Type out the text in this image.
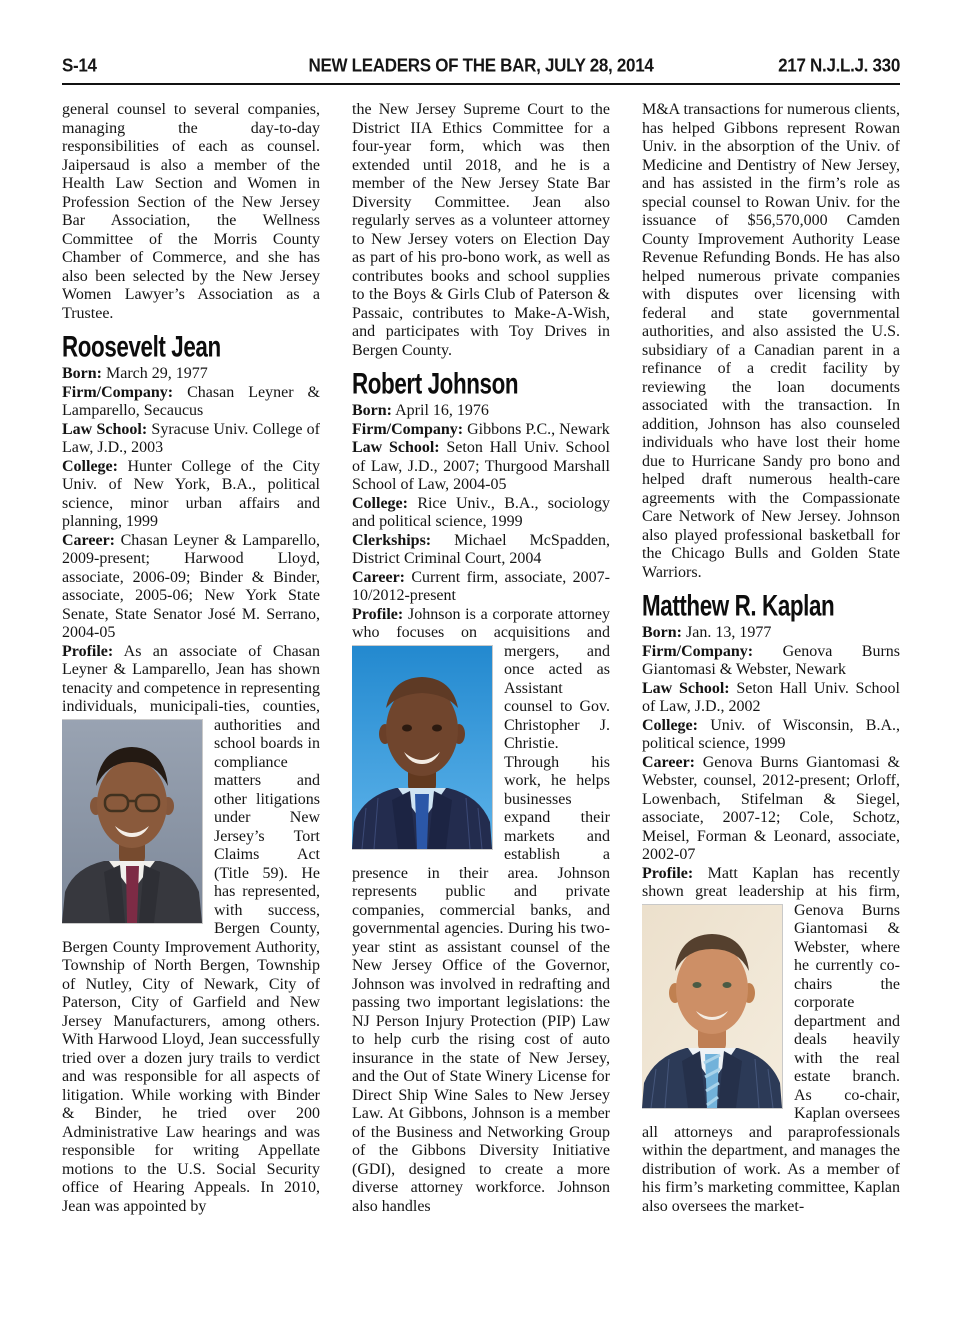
S-14	NEW LEADERS OF THE BAR, JULY 28, 2014	217 N.J.L.J. 330

general counsel to several companies, managing the day-to-day responsibilities of each as counsel. Jaipersaud is also a member of the Health Law Section and Women in Profession Section of the New Jersey Bar Association, the Wellness Committee of the Morris County Chamber of Commerce, and she has also been selected by the New Jersey Women Lawyer’s Association as a Trustee.

Roosevelt Jean

Born: March 29, 1977

Firm/Company: Chasan Leyner & Lamparello, Secaucus

Law School: Syracuse Univ. College of Law, J.D., 2003

College: Hunter College of the City Univ. of New York, B.A., political science, minor urban affairs and planning, 1999

Career: Chasan Leyner & Lamparello, 2009-present; Harwood Lloyd, associate, 2006-09; Binder & Binder, associate, 2005-06; New York State Senate, State Senator José M. Serrano, 2004-05

Profile: As an associate of Chasan Leyner & Lamparello, Jean has shown tenacity and competence in representing individuals, municipali-
ties, counties, authorities and school boards in compliance matters and other litigations under New Jersey’s Tort Claims Act (Title 59). He has represented, with success, Bergen County, Bergen County Improvement Authority, Township of North Bergen, Township of Nutley, City of Newark, City of Paterson, City of Garfield and New Jersey Manufacturers, among others. With Harwood Lloyd, Jean successfully tried over a dozen jury trails to verdict and was responsible for all aspects of litigation. While working with Binder & Binder, he tried over 200 Administrative Law hearings and was responsible for writing Appellate motions to the U.S. Social Security office of Hearing Appeals. In 2010, Jean was appointed by

the New Jersey Supreme Court to the District IIA Ethics Committee for a four-year form, which was then extended until 2018, and he is a member of the New Jersey State Bar Diversity Committee. Jean also regularly serves as a volunteer attorney to New Jersey voters on Election Day as part of his pro-bono work, as well as contributes books and school supplies to the Boys & Girls Club of Paterson & Passaic, contributes to Make-A-Wish, and participates with Toy Drives in Bergen County.

Robert Johnson

Born: April 16, 1976

Firm/Company: Gibbons P.C., Newark

Law School: Seton Hall Univ. School of Law, J.D., 2007; Thurgood Marshall School of Law, 2004-05

College: Rice Univ., B.A., sociology and political science, 1999

Clerkships: Michael McSpadden, District Criminal Court, 2004

Career: Current firm, associate, 2007-10/2012-present

Profile: Johnson is a corporate attorney who focuses on acquisitions
and mergers, and once acted as Assistant counsel to Gov. Christopher J. Christie. Through his work, he helps businesses expand their markets and establish a presence in their area. Johnson represents public and private companies, commercial banks, and governmental agencies. During his two-year stint as assistant counsel of the New Jersey Office of the Governor, Johnson was involved in redrafting and passing two important legislations: the NJ Person Injury Protection (PIP) Law to help curb the rising cost of auto insurance in the state of New Jersey, and the Out of State Winery License for Direct Ship Wine Sales to New Jersey Law. At Gibbons, Johnson is a member of the Business and Networking Group of the Gibbons Diversity Initiative (GDI), designed to create a more diverse attorney workforce. Johnson also handles

M&A transactions for numerous clients, has helped Gibbons represent Rowan Univ. in the absorption of the Univ. of Medicine and Dentistry of New Jersey, and has assisted in the firm’s role as special counsel to Rowan Univ. for the issuance of $56,570,000 Camden County Improvement Authority Lease Revenue Refunding Bonds. He has also helped numerous private companies with disputes over licensing with federal and state governmental authorities, and also assisted the U.S. subsidiary of a Canadian parent in a refinance of a credit facility by reviewing the loan documents associated with the transaction. In addition, Johnson has also counseled individuals who have lost their home due to Hurricane Sandy pro bono and helped draft numerous health-care agreements with the Compassionate Care Network of New Jersey. Johnson also played professional basketball for the Chicago Bulls and Golden State Warriors.

Matthew R. Kaplan

Born: Jan. 13, 1977

Firm/Company: Genova Burns Giantomasi & Webster, Newark

Law School: Seton Hall Univ. School of Law, J.D., 2002

College: Univ. of Wisconsin, B.A., political science, 1999

Career: Genova Burns Giantomasi & Webster, counsel, 2012-present; Orloff, Lowenbach, Stifelman & Siegel, associate, 2007-12; Cole, Schotz, Meisel, Forman & Leonard, associate, 2002-07

Profile: Matt Kaplan has recently shown great leadership at his firm,
Genova Burns Giantomasi & Webster, where he currently co-chairs the corporate department and deals heavily with the real estate branch. As co-chair, Kaplan oversees all attorneys and paraprofessionals within the department, and manages the distribution of work. As a member of his firm’s marketing committee, Kaplan also oversees the market-
